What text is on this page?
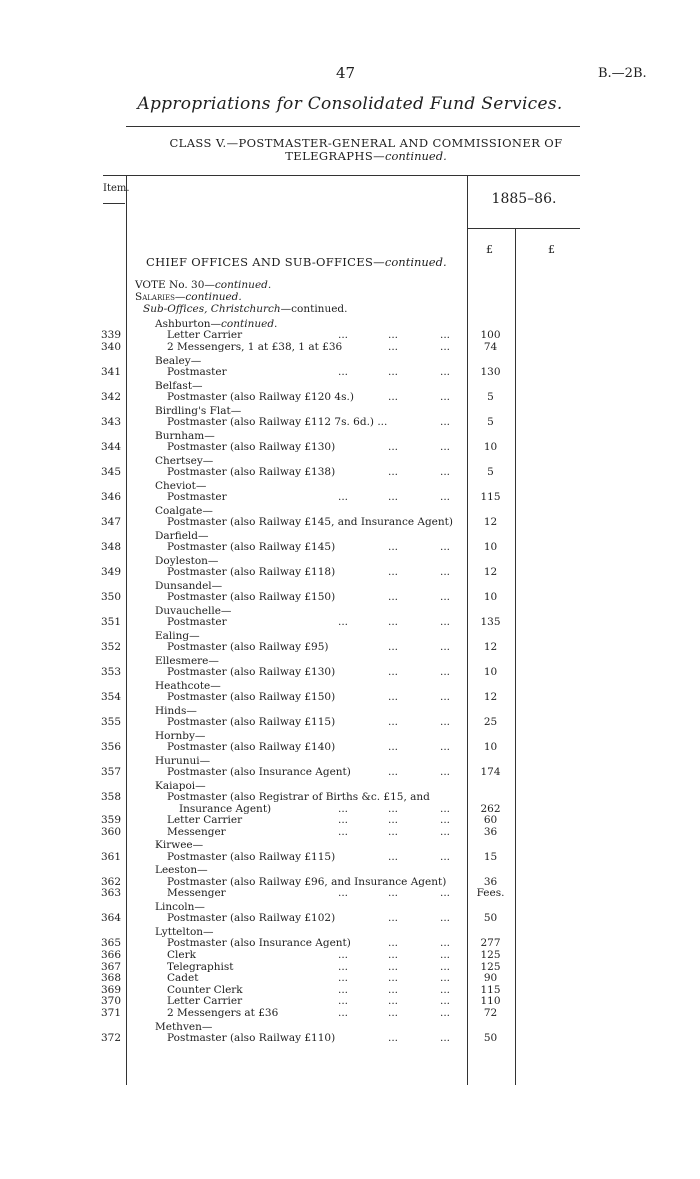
47	B.—2B.
Appropriations for Consolidated Fund Services.
CLASS V.—POSTMASTER-GENERAL AND COMMISSIONER OF
TELEGRAPHS—continued.
Item.
1885–86.
£	£
CHIEF OFFICES AND SUB-OFFICES—continued.
VOTE No. 30—continued.
Salaries—continued.
Sub-Offices, Christchurch—continued.
Ashburton—continued.
339	Letter Carrier	...	...	...	100
340	2 Messengers, 1 at £38, 1 at £36	...	...	74
Bealey—
341	Postmaster	...	...	...	130
Belfast—
342	Postmaster (also Railway £120 4s.)	...	...	5
Birdling's Flat—
343	Postmaster (also Railway £112 7s. 6d.) ...	...	5
Burnham—
344	Postmaster (also Railway £130)	...	...	10
Chertsey—
345	Postmaster (also Railway £138)	...	...	5
Cheviot—
346	Postmaster	...	...	...	115
Coalgate—
347	Postmaster (also Railway £145, and Insurance Agent)	12
Darfield—
348	Postmaster (also Railway £145)	...	...	10
Doyleston—
349	Postmaster (also Railway £118)	...	...	12
Dunsandel—
350	Postmaster (also Railway £150)	...	...	10
Duvauchelle—
351	Postmaster	...	...	...	135
Ealing—
352	Postmaster (also Railway £95)	...	...	12
Ellesmere—
353	Postmaster (also Railway £130)	...	...	10
Heathcote—
354	Postmaster (also Railway £150)	...	...	12
Hinds—
355	Postmaster (also Railway £115)	...	...	25
Hornby—
356	Postmaster (also Railway £140)	...	...	10
Hurunui—
357	Postmaster (also Insurance Agent)	...	...	174
Kaiapoi—
358	Postmaster (also Registrar of Births &c. £15, and
Insurance Agent)	...	...	...	262
359	Letter Carrier	...	...	...	60
360	Messenger	...	...	...	36
Kirwee—
361	Postmaster (also Railway £115)	...	...	15
Leeston—
362	Postmaster (also Railway £96, and Insurance Agent)	36
363	Messenger	...	...	...	Fees.
Lincoln—
364	Postmaster (also Railway £102)	...	...	50
Lyttelton—
365	Postmaster (also Insurance Agent)	...	...	277
366	Clerk	...	...	...	125
367	Telegraphist	...	...	...	125
368	Cadet	...	...	...	90
369	Counter Clerk	...	...	...	115
370	Letter Carrier	...	...	...	110
371	2 Messengers at £36	...	...	...	72
Methven—
372	Postmaster (also Railway £110)	...	...	50
